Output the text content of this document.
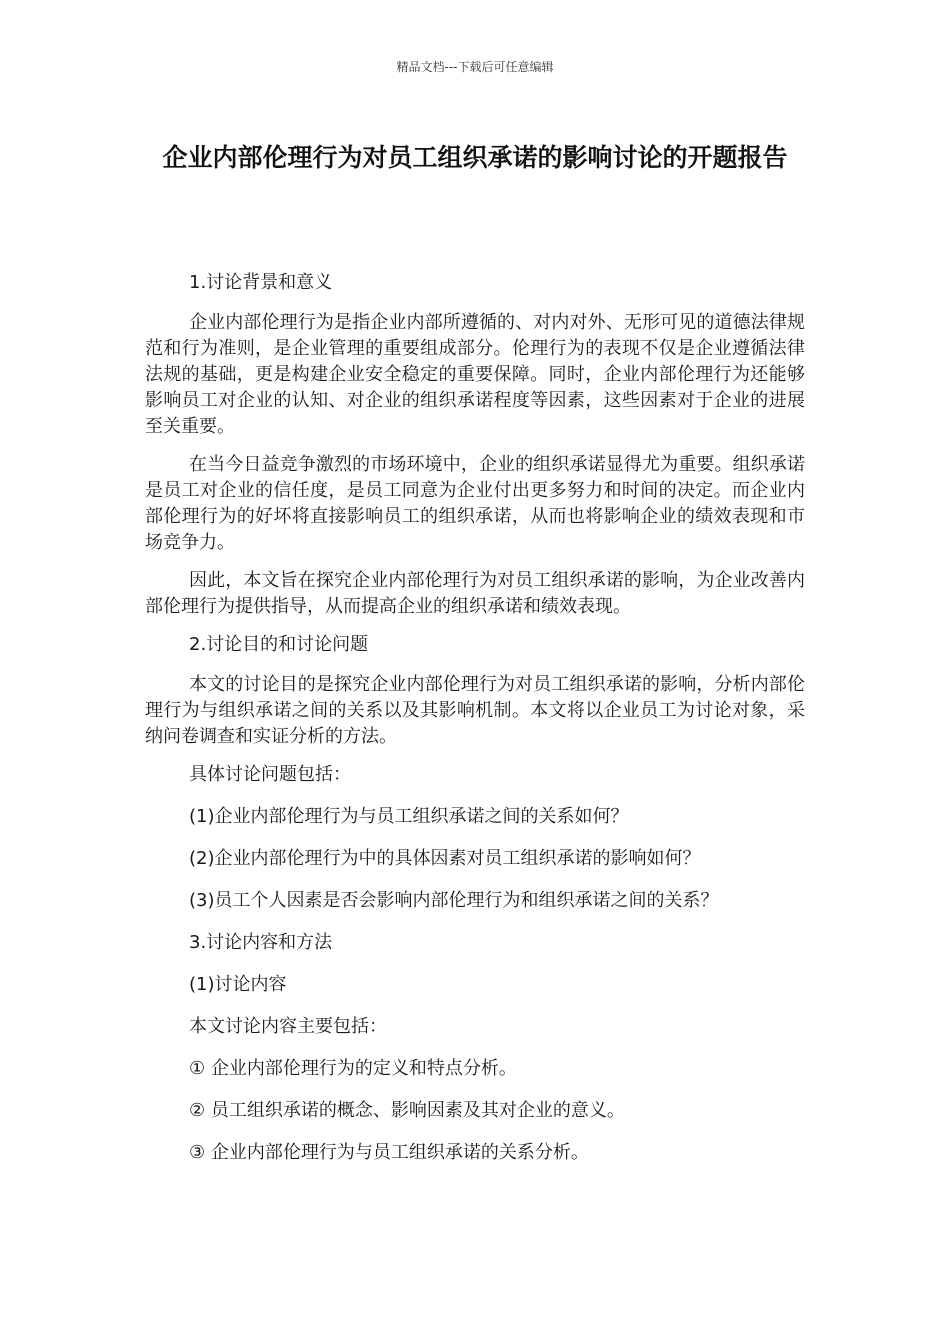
精品文档---下载后可任意编辑
企业内部伦理行为对员工组织承诺的影响讨论的开题报告

1.讨论背景和意义

企业内部伦理行为是指企业内部所遵循的、对内对外、无形可见的道德法律规范和行为准则，是企业管理的重要组成部分。伦理行为的表现不仅是企业遵循法律法规的基础，更是构建企业安全稳定的重要保障。同时，企业内部伦理行为还能够影响员工对企业的认知、对企业的组织承诺程度等因素，这些因素对于企业的进展至关重要。

在当今日益竞争激烈的市场环境中，企业的组织承诺显得尤为重要。组织承诺是员工对企业的信任度，是员工同意为企业付出更多努力和时间的决定。而企业内部伦理行为的好坏将直接影响员工的组织承诺，从而也将影响企业的绩效表现和市场竞争力。

因此，本文旨在探究企业内部伦理行为对员工组织承诺的影响，为企业改善内部伦理行为提供指导，从而提高企业的组织承诺和绩效表现。

2.讨论目的和讨论问题

本文的讨论目的是探究企业内部伦理行为对员工组织承诺的影响，分析内部伦理行为与组织承诺之间的关系以及其影响机制。本文将以企业员工为讨论对象，采纳问卷调查和实证分析的方法。

具体讨论问题包括：

(1)企业内部伦理行为与员工组织承诺之间的关系如何？

(2)企业内部伦理行为中的具体因素对员工组织承诺的影响如何？

(3)员工个人因素是否会影响内部伦理行为和组织承诺之间的关系？

3.讨论内容和方法

(1)讨论内容

本文讨论内容主要包括：

① 企业内部伦理行为的定义和特点分析。

② 员工组织承诺的概念、影响因素及其对企业的意义。

③ 企业内部伦理行为与员工组织承诺的关系分析。
